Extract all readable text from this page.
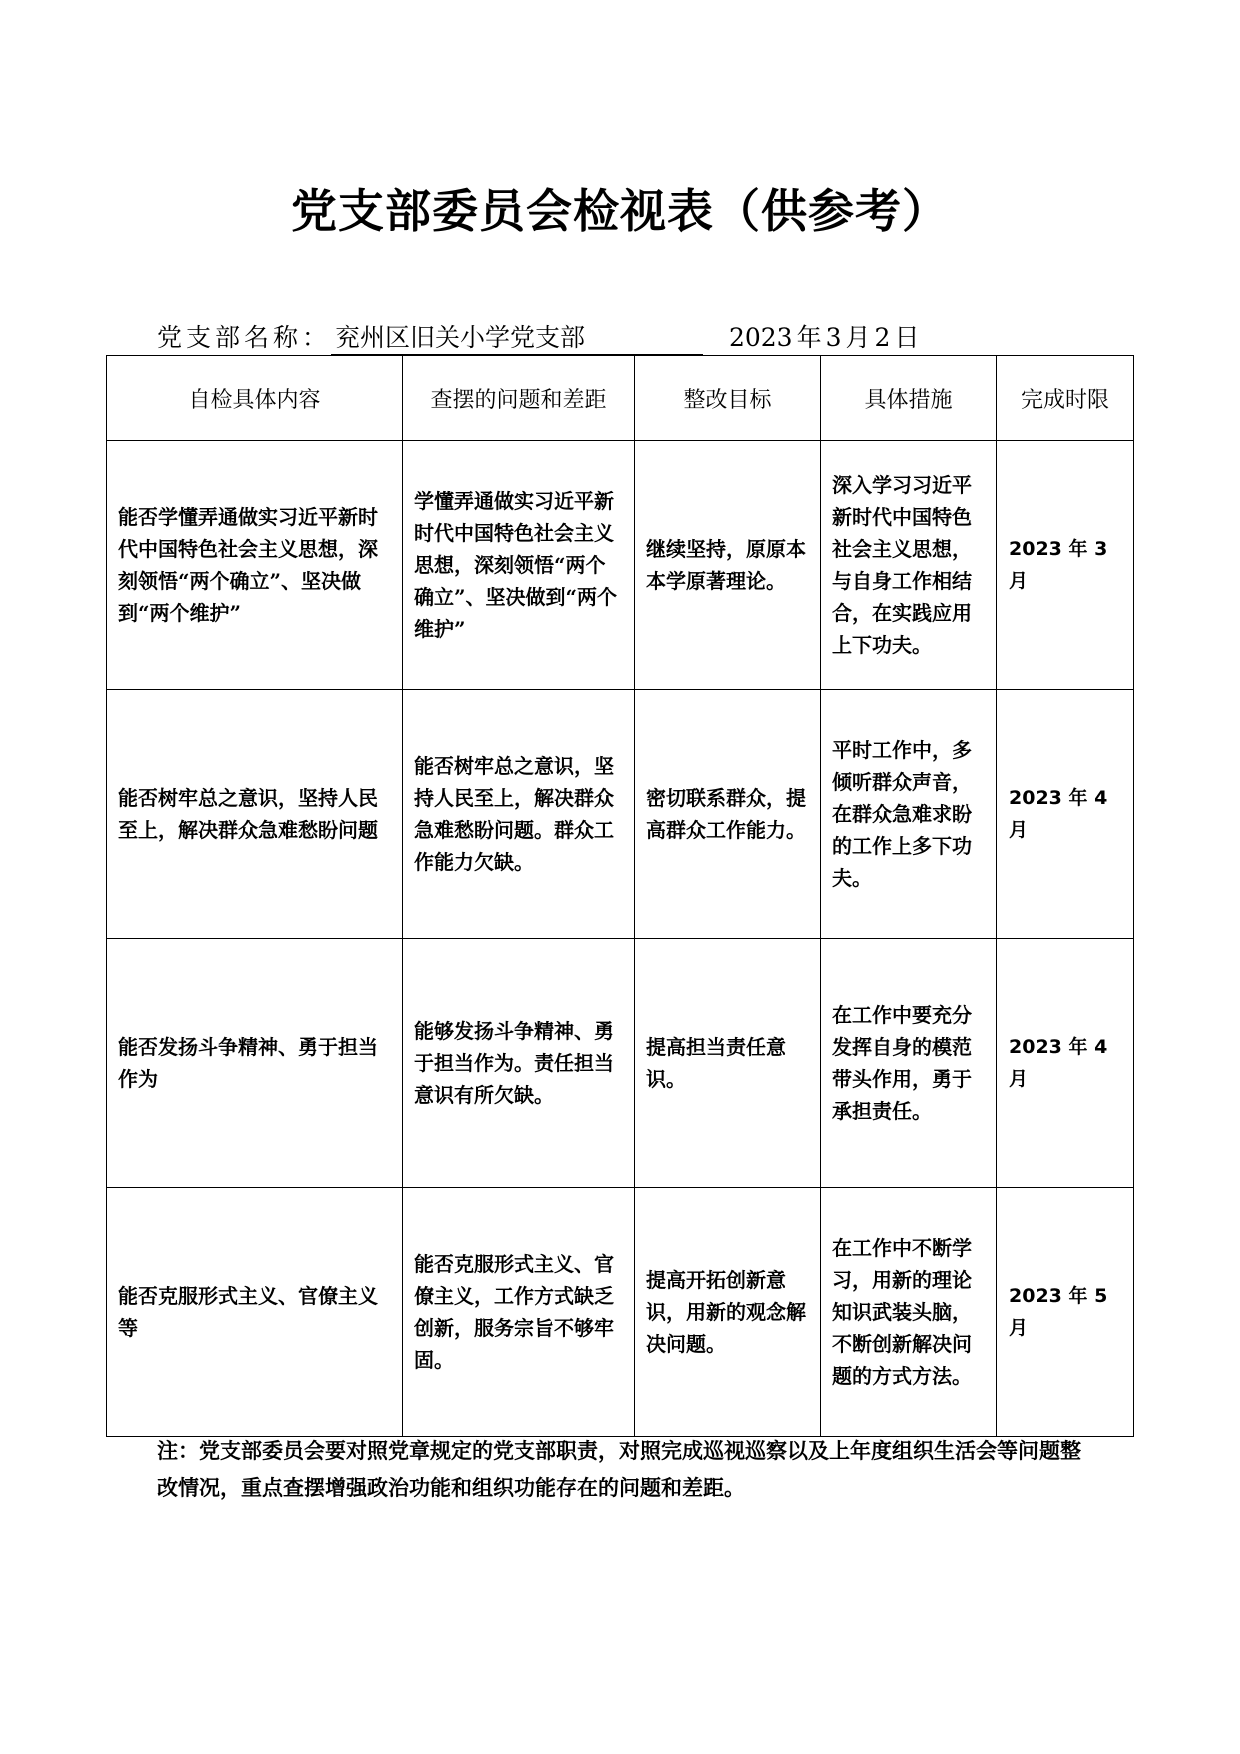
党支部委员会检视表（供参考）
党支部名称： 兖州区旧关小学党支部	2023 年 3 月 2 日
自检具体内容	查摆的问题和差距	整改目标	具体措施	完成时限
能否学懂弄通做实习近平新时代中国特色社会主义思想，深刻领悟“两个确立”、坚决做到“两个维护”	学懂弄通做实习近平新时代中国特色社会主义思想，深刻领悟“两个确立”、坚决做到“两个维护”	继续坚持，原原本本学原著理论。	深入学习习近平新时代中国特色社会主义思想，与自身工作相结合，在实践应用上下功夫。	2023 年 3 月
能否树牢总之意识，坚持人民至上，解决群众急难愁盼问题	能否树牢总之意识，坚持人民至上，解决群众急难愁盼问题。群众工作能力欠缺。	密切联系群众，提高群众工作能力。	平时工作中，多倾听群众声音，在群众急难求盼的工作上多下功夫。	2023 年 4 月
能否发扬斗争精神、勇于担当作为	能够发扬斗争精神、勇于担当作为。责任担当意识有所欠缺。	提高担当责任意识。	在工作中要充分发挥自身的模范带头作用，勇于承担责任。	2023 年 4 月
能否克服形式主义、官僚主义等	能否克服形式主义、官僚主义，工作方式缺乏创新，服务宗旨不够牢固。	提高开拓创新意识，用新的观念解决问题。	在工作中不断学习，用新的理论知识武装头脑，不断创新解决问题的方式方法。	2023 年 5 月
注：党支部委员会要对照党章规定的党支部职责，对照完成巡视巡察以及上年度组织生活会等问题整改情况，重点查摆增强政治功能和组织功能存在的问题和差距。
